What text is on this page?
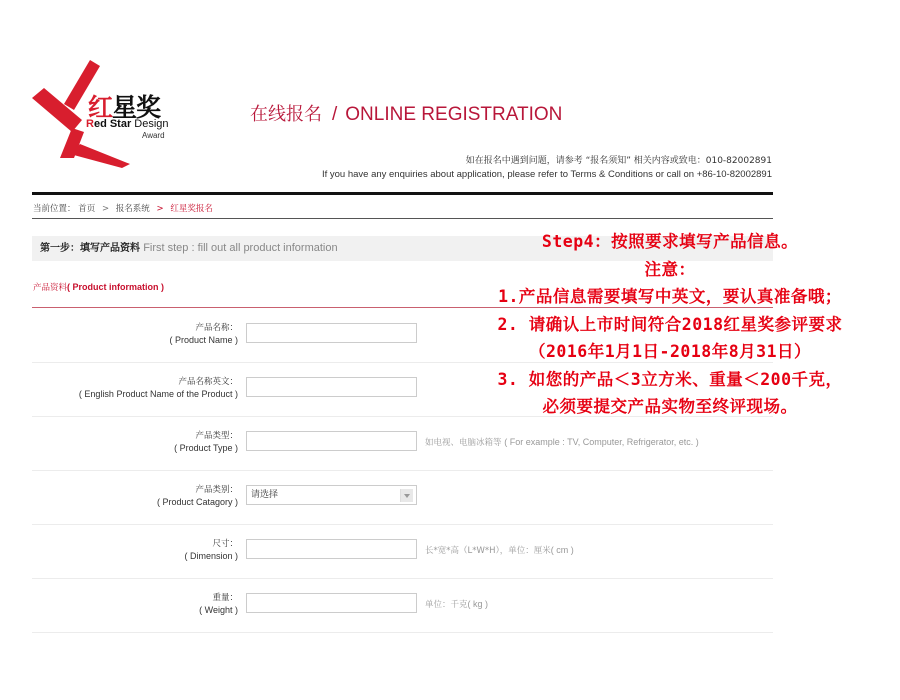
红星奖
Red Star Design
Award
在线报名 / ONLINE REGISTRATION
如在报名中遇到问题，请参考 “报名须知” 相关内容或致电：010-82002891
If you have any enquiries about application, please refer to Terms & Conditions or call on +86-10-82002891
当前位置： 首页 > 报名系统 > 红星奖报名
第一步：填写产品资料 First step : fill out all product information
产品资料( Product information )
产品名称：
( Product Name )
产品名称英文：
( English Product Name of the Product )
产品类型：
( Product Type )	如电视、电脑冰箱等 ( For example : TV, Computer, Refrigerator, etc. )
产品类别：
( Product Catagory )
请选择
尺寸：
( Dimension )	长*宽*高（L*W*H），单位：厘米( cm )
重量：
( Weight )	单位：千克( kg )
Step4：按照要求填写产品信息。
注意：
1.产品信息需要填写中英文，要认真准备哦；
2. 请确认上市时间符合2018红星奖参评要求
（2016年1月1日-2018年8月31日）
3. 如您的产品＜3立方米、重量＜200千克，
必须要提交产品实物至终评现场。
